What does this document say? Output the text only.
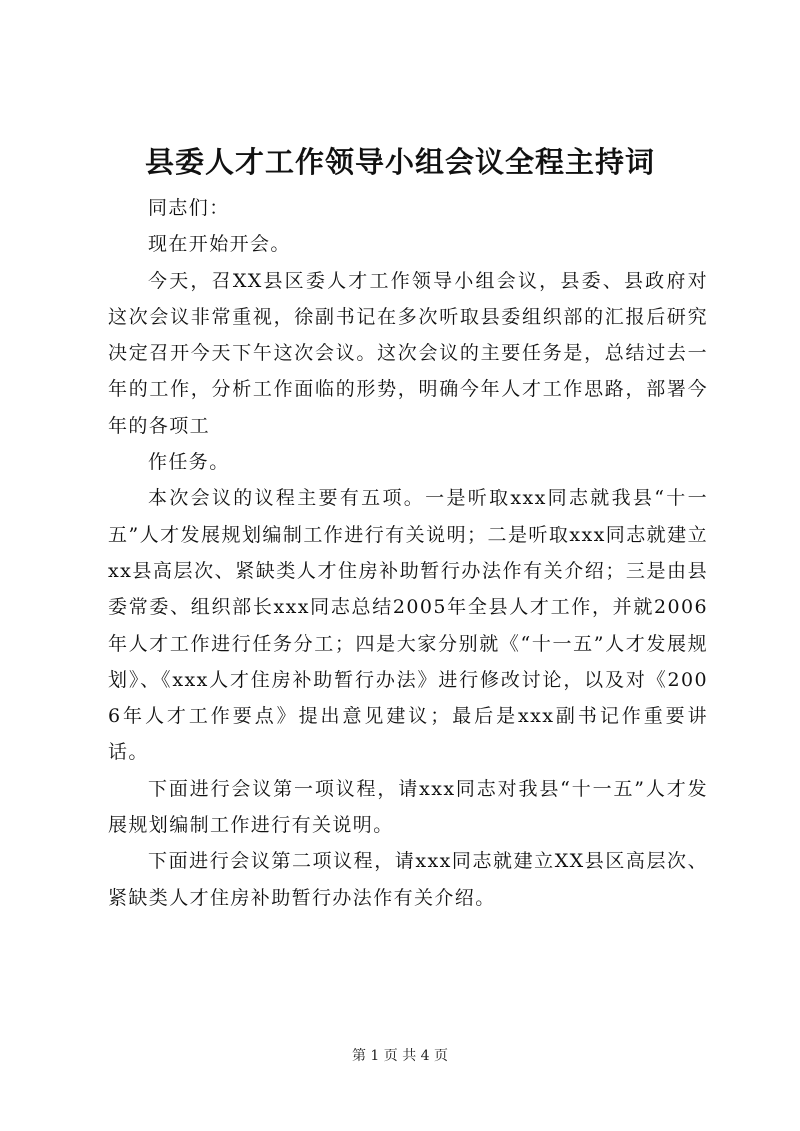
县委人才工作领导小组会议全程主持词

同志们：

现在开始开会。

今天，召XX县区委人才工作领导小组会议，县委、县政府对这次会议非常重视，徐副书记在多次听取县委组织部的汇报后研究决定召开今天下午这次会议。这次会议的主要任务是，总结过去一年的工作，分析工作面临的形势，明确今年人才工作思路，部署今年的各项工

作任务。

本次会议的议程主要有五项。一是听取xxx同志就我县“十一五”人才发展规划编制工作进行有关说明；二是听取xxx同志就建立xx县高层次、紧缺类人才住房补助暂行办法作有关介绍；三是由县委常委、组织部长xxx同志总结2005年全县人才工作，并就2006年人才工作进行任务分工；四是大家分别就《“十一五”人才发展规划》、《xxx人才住房补助暂行办法》进行修改讨论，以及对《2006年人才工作要点》提出意见建议；最后是xxx副书记作重要讲话。

下面进行会议第一项议程，请xxx同志对我县“十一五”人才发展规划编制工作进行有关说明。

下面进行会议第二项议程，请xxx同志就建立XX县区高层次、紧缺类人才住房补助暂行办法作有关介绍。

第 1 页 共 4 页
